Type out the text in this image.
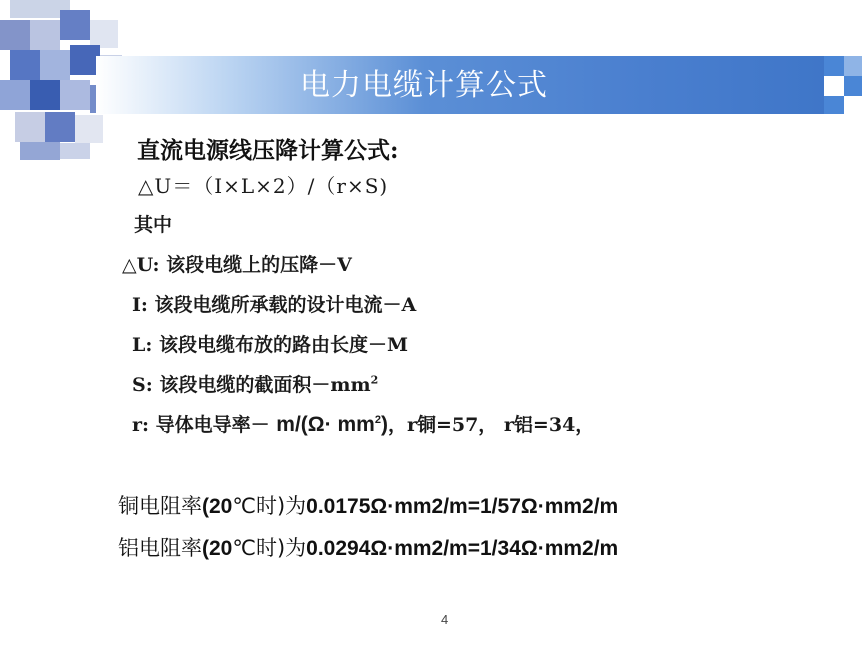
电力电缆计算公式
直流电源线压降计算公式:
△U＝（I×L×2）/（r×S)
其中
△U: 该段电缆上的压降－V
I: 该段电缆所承载的设计电流－A
L: 该段电缆布放的路由长度－M
S: 该段电缆的截面积$-mm^2$
r: 导体电导率－ $m/(\Omega\cdot mm^2)$，r铜=57， r铝=34，
铜电阻率(20℃时)为0.0175Ω·mm2/m=1/57Ω·mm2/m
铝电阻率(20℃时)为0.0294Ω·mm2/m=1/34Ω·mm2/m
4
